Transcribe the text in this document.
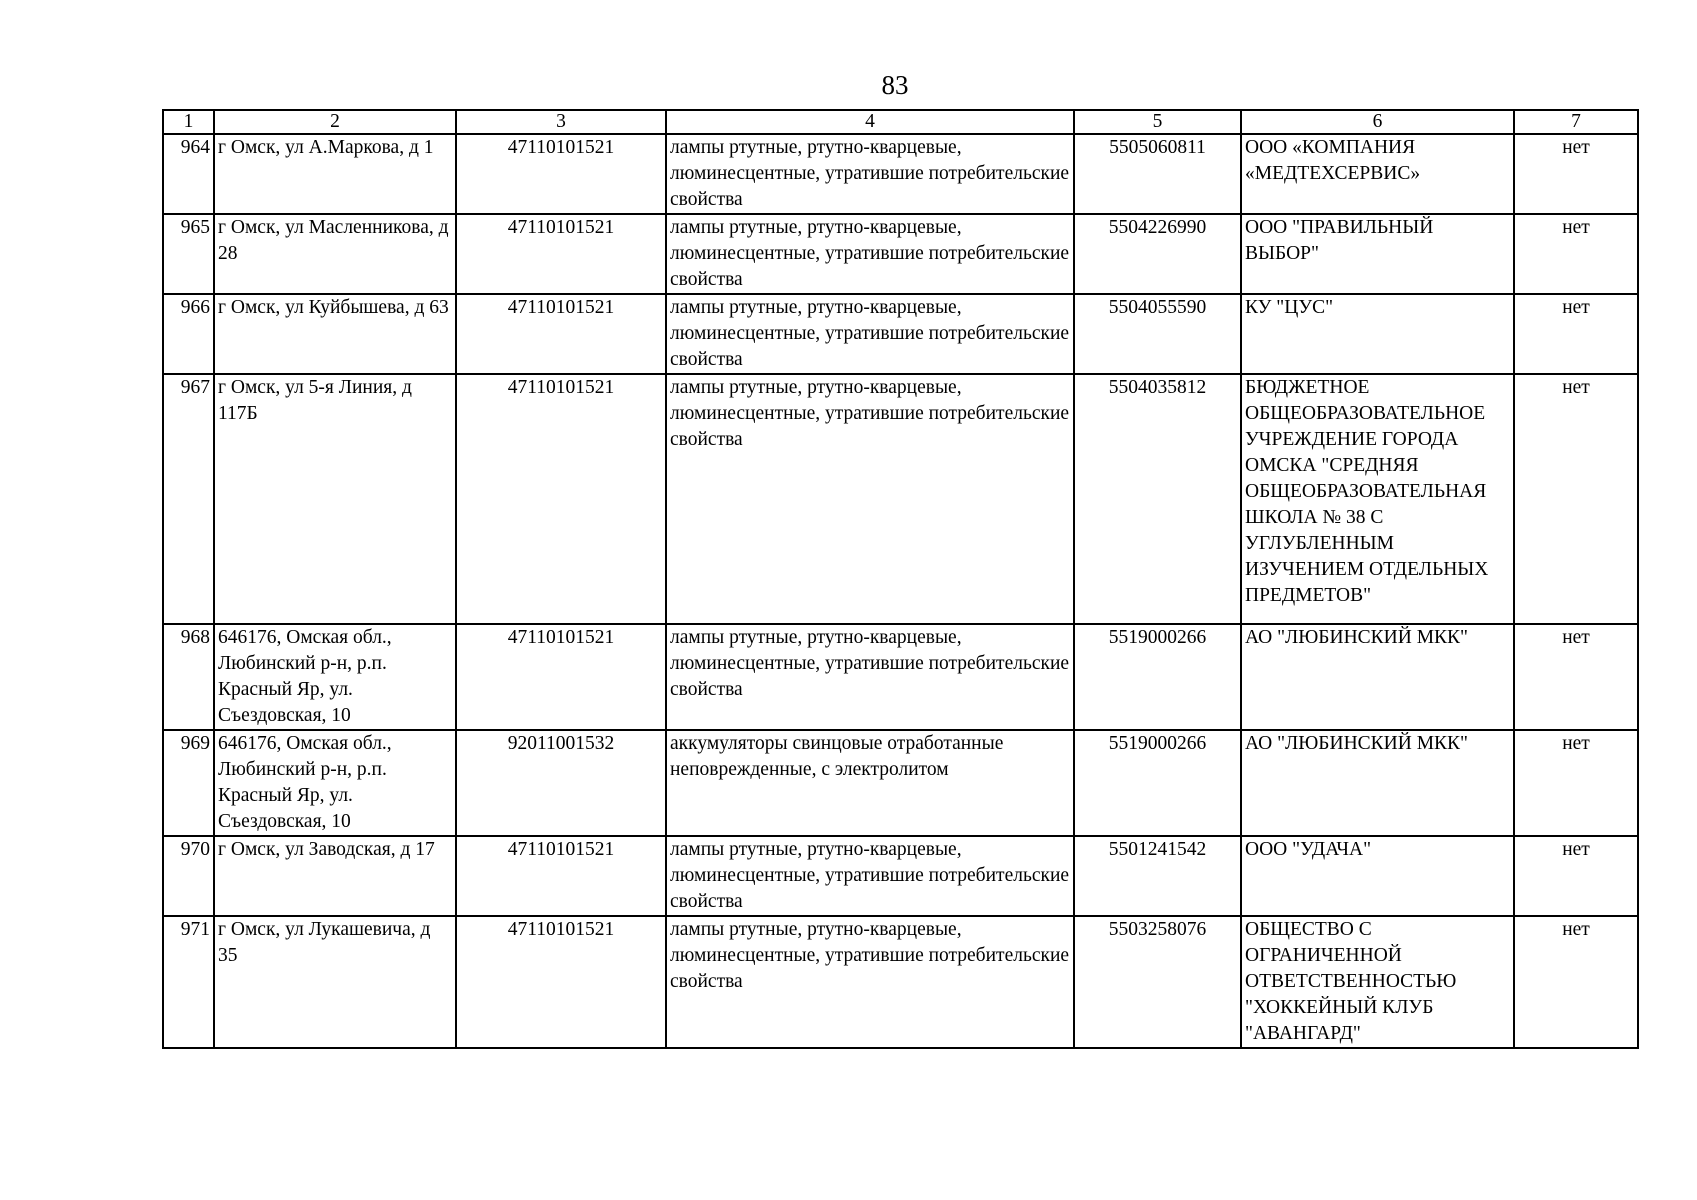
83
1	2	3	4	5	6	7
964	г Омск, ул А.Маркова, д 1	47110101521	лампы ртутные, ртутно-кварцевые, люминесцентные, утратившие потребительские свойства	5505060811	ООО «КОМПАНИЯ «МЕДТЕХСЕРВИС»	нет
965	г Омск, ул Масленникова, д 28	47110101521	лампы ртутные, ртутно-кварцевые, люминесцентные, утратившие потребительские свойства	5504226990	ООО "ПРАВИЛЬНЫЙ ВЫБОР"	нет
966	г Омск, ул Куйбышева, д 63	47110101521	лампы ртутные, ртутно-кварцевые, люминесцентные, утратившие потребительские свойства	5504055590	КУ "ЦУС"	нет
967	г Омск, ул 5-я Линия, д 117Б	47110101521	лампы ртутные, ртутно-кварцевые, люминесцентные, утратившие потребительские свойства	5504035812	БЮДЖЕТНОЕ ОБЩЕОБРАЗОВАТЕЛЬНОЕ УЧРЕЖДЕНИЕ ГОРОДА ОМСКА "СРЕДНЯЯ ОБЩЕОБРАЗОВАТЕЛЬНАЯ ШКОЛА № 38 С УГЛУБЛЕННЫМ ИЗУЧЕНИЕМ ОТДЕЛЬНЫХ ПРЕДМЕТОВ"	нет
968	646176, Омская обл., Любинский р-н, р.п. Красный Яр, ул. Съездовская, 10	47110101521	лампы ртутные, ртутно-кварцевые, люминесцентные, утратившие потребительские свойства	5519000266	АО "ЛЮБИНСКИЙ МКК"	нет
969	646176, Омская обл., Любинский р-н, р.п. Красный Яр, ул. Съездовская, 10	92011001532	аккумуляторы свинцовые отработанные неповрежденные, с электролитом	5519000266	АО "ЛЮБИНСКИЙ МКК"	нет
970	г Омск, ул Заводская, д 17	47110101521	лампы ртутные, ртутно-кварцевые, люминесцентные, утратившие потребительские свойства	5501241542	ООО "УДАЧА"	нет
971	г Омск, ул Лукашевича, д 35	47110101521	лампы ртутные, ртутно-кварцевые, люминесцентные, утратившие потребительские свойства	5503258076	ОБЩЕСТВО С ОГРАНИЧЕННОЙ ОТВЕТСТВЕННОСТЬЮ "ХОККЕЙНЫЙ КЛУБ "АВАНГАРД"	нет
